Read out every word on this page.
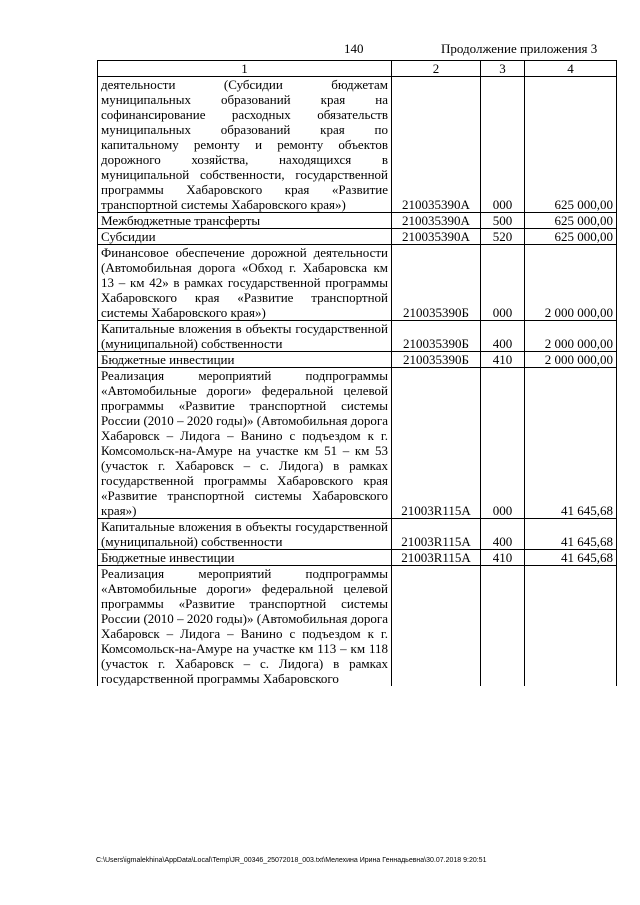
140	Продолжение приложения 3
1	2	3	4
деятельности (Субсидии бюджетам муниципальных образований края на софинансирование расходных обязательств муниципальных образований края по капитальному ремонту и ремонту объектов дорожного хозяйства, находящихся в муниципальной собственности, государственной программы Хабаровского края «Развитие транспортной системы Хабаровского края»)	210035390А	000	625 000,00
Межбюджетные трансферты	210035390А	500	625 000,00
Субсидии	210035390А	520	625 000,00
Финансовое обеспечение дорожной деятельности (Автомобильная дорога «Обход г. Хабаровска км 13 – км 42» в рамках государственной программы Хабаровского края «Развитие транспортной системы Хабаровского края»)	210035390Б	000	2 000 000,00
Капитальные вложения в объекты государственной (муниципальной) собственности	210035390Б	400	2 000 000,00
Бюджетные инвестиции	210035390Б	410	2 000 000,00
Реализация мероприятий подпрограммы «Автомобильные дороги» федеральной целевой программы «Развитие транспортной системы России (2010 – 2020 годы)» (Автомобильная дорога Хабаровск – Лидога – Ванино с подъездом к г. Комсомольск-на-Амуре на участке км 51 – км 53 (участок г. Хабаровск – с. Лидога) в рамках государственной программы Хабаровского края «Развитие транспортной системы Хабаровского края»)	21003R115А	000	41 645,68
Капитальные вложения в объекты государственной (муниципальной) собственности	21003R115А	400	41 645,68
Бюджетные инвестиции	21003R115А	410	41 645,68
Реализация мероприятий подпрограммы «Автомобильные дороги» федеральной целевой программы «Развитие транспортной системы России (2010 – 2020 годы)» (Автомобильная дорога Хабаровск – Лидога – Ванино с подъездом к г. Комсомольск-на-Амуре на участке км 113 – км 118 (участок г. Хабаровск – с. Лидога) в рамках государственной программы Хабаровского			
C:\Users\igmalekhina\AppData\Local\Temp\JR_00346_25072018_003.txt\Мелехина Ирина Геннадьевна\30.07.2018 9:20:51
